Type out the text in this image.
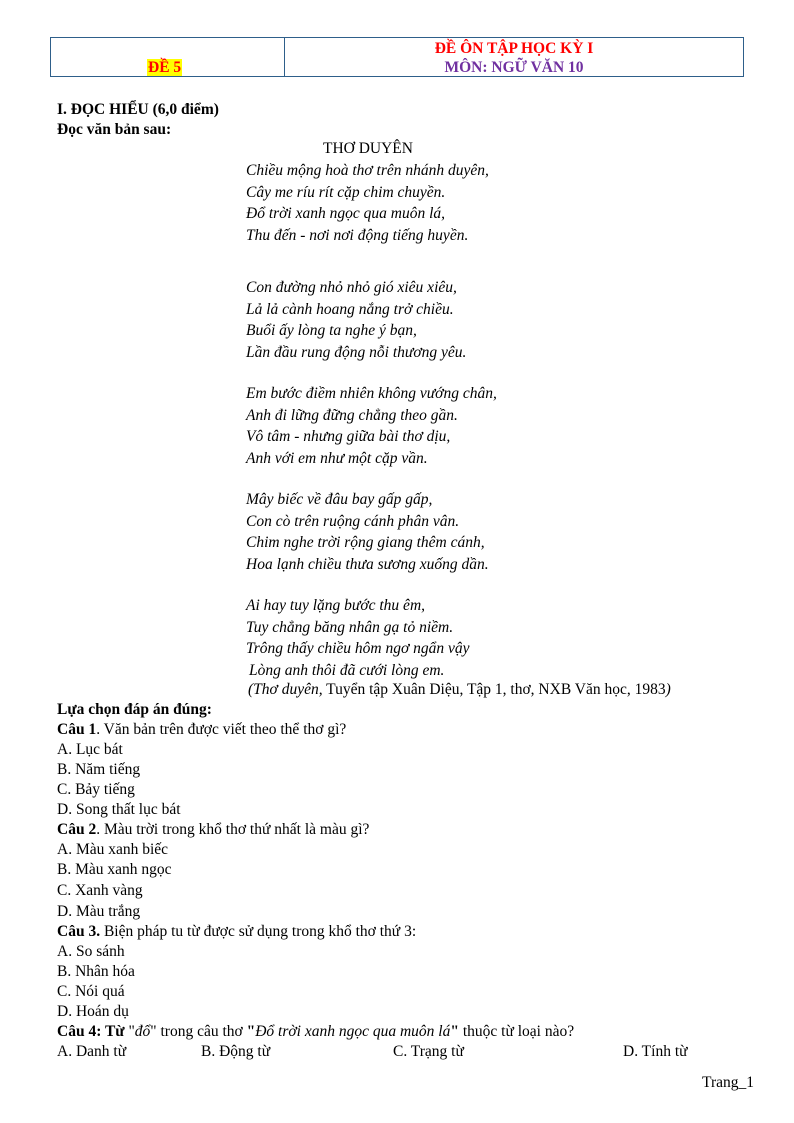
ĐỀ 5
ĐỀ ÔN TẬP HỌC KỲ I
MÔN: NGỮ VĂN 10
I. ĐỌC HIỂU (6,0 điểm)
Đọc văn bản sau:
THƠ DUYÊN
Chiều mộng hoà thơ trên nhánh duyên,
Cây me ríu rít cặp chim chuyền.
Đổ trời xanh ngọc qua muôn lá,
Thu đến - nơi nơi động tiếng huyền.
Con đường nhỏ nhỏ gió xiêu xiêu,
Lả lả cành hoang nắng trở chiều.
Buổi ấy lòng ta nghe ý bạn,
Lần đầu rung động nỗi thương yêu.
Em bước điềm nhiên không vướng chân,
Anh đi lững đững chẳng theo gần.
Vô tâm - nhưng giữa bài thơ dịu,
Anh với em như một cặp vần.
Mây biếc về đâu bay gấp gấp,
Con cò trên ruộng cánh phân vân.
Chim nghe trời rộng giang thêm cánh,
Hoa lạnh chiều thưa sương xuống dần.
Ai hay tuy lặng bước thu êm,
Tuy chẳng băng nhân gạ tỏ niềm.
Trông thấy chiều hôm ngơ ngẩn vậy
Lòng anh thôi đã cưới lòng em.
(Thơ duyên, Tuyển tập Xuân Diệu, Tập 1, thơ, NXB Văn học, 1983)
Lựa chọn đáp án đúng:
Câu 1. Văn bản trên được viết theo thể thơ gì?
A. Lục bát
B. Năm tiếng
C. Bảy tiếng
D. Song thất lục bát
Câu 2. Màu trời trong khổ thơ thứ nhất là màu gì?
A. Màu xanh biếc
B. Màu xanh ngọc
C. Xanh vàng
D. Màu trắng
Câu 3. Biện pháp tu từ được sử dụng trong khổ thơ thứ 3:
A. So sánh
B. Nhân hóa
C. Nói quá
D. Hoán dụ
Câu 4: Từ "đổ" trong câu thơ "Đổ trời xanh ngọc qua muôn lá" thuộc từ loại nào?
A. Danh từ	B. Động từ	C. Trạng từ	D. Tính từ
Trang_1
